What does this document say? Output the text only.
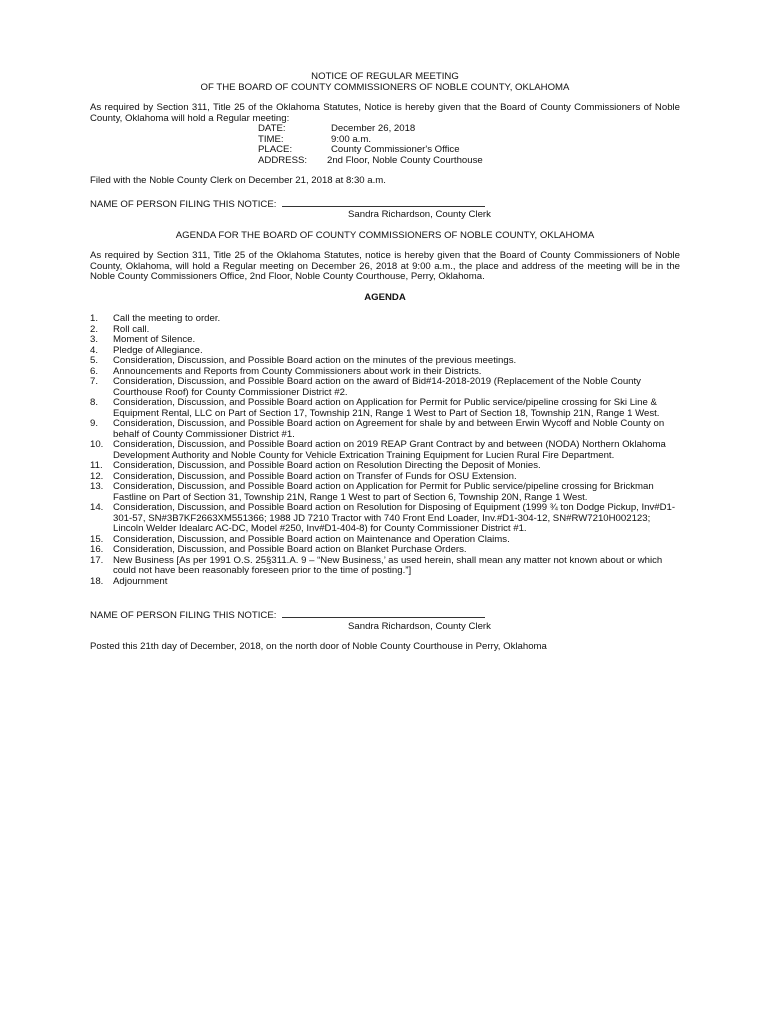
NOTICE OF REGULAR MEETING

OF THE BOARD OF COUNTY COMMISSIONERS OF NOBLE COUNTY, OKLAHOMA

As required by Section 311, Title 25 of the Oklahoma Statutes, Notice is hereby given that the Board of County Commissioners of Noble County, Oklahoma will hold a Regular meeting:

DATE:	December 26, 2018
TIME:	9:00 a.m.
PLACE:	County Commissioner's Office
ADDRESS:	2nd Floor, Noble County Courthouse

Filed with the Noble County Clerk on December 21, 2018 at 8:30 a.m.

NAME OF PERSON FILING THIS NOTICE:

Sandra Richardson, County Clerk

AGENDA FOR THE BOARD OF COUNTY COMMISSIONERS OF NOBLE COUNTY, OKLAHOMA

As required by Section 311, Title 25 of the Oklahoma Statutes, notice is hereby given that the Board of County Commissioners of Noble County, Oklahoma, will hold a Regular meeting on December 26, 2018 at 9:00 a.m., the place and address of the meeting will be in the Noble County Commissioners Office, 2nd Floor, Noble County Courthouse, Perry, Oklahoma.

AGENDA

1.	Call the meeting to order.
2.	Roll call.
3.	Moment of Silence.
4.	Pledge of Allegiance.
5.	Consideration, Discussion, and Possible Board action on the minutes of the previous meetings.
6.	Announcements and Reports from County Commissioners about work in their Districts.
7.	Consideration, Discussion, and Possible Board action on the award of Bid#14-2018-2019 (Replacement of the Noble County Courthouse Roof) for County Commissioner District #2.
8.	Consideration, Discussion, and Possible Board action on Application for Permit for Public service/pipeline crossing for Ski Line & Equipment Rental, LLC on Part of Section 17, Township 21N, Range 1 West to Part of Section 18, Township 21N, Range 1 West.
9.	Consideration, Discussion, and Possible Board action on Agreement for shale by and between Erwin Wycoff and Noble County on behalf of County Commissioner District #1.
10.	Consideration, Discussion, and Possible Board action on 2019 REAP Grant Contract by and between (NODA) Northern Oklahoma Development Authority and Noble County for Vehicle Extrication Training Equipment for Lucien Rural Fire Department.
11.	Consideration, Discussion, and Possible Board action on Resolution Directing the Deposit of Monies.
12.	Consideration, Discussion, and Possible Board action on Transfer of Funds for OSU Extension.
13.	Consideration, Discussion, and Possible Board action on Application for Permit for Public service/pipeline crossing for Brickman Fastline on Part of Section 31, Township 21N, Range 1 West to part of Section 6, Township 20N, Range 1 West.
14.	Consideration, Discussion, and Possible Board action on Resolution for Disposing of Equipment (1999 ¾ ton Dodge Pickup, Inv#D1-301-57, SN#3B7KF2663XM551366; 1988 JD 7210 Tractor with 740 Front End Loader, Inv.#D1-304-12, SN#RW7210H002123; Lincoln Welder Idealarc AC-DC, Model #250, Inv#D1-404-8) for County Commissioner District #1.
15.	Consideration, Discussion, and Possible Board action on Maintenance and Operation Claims.
16.	Consideration, Discussion, and Possible Board action on Blanket Purchase Orders.
17.	New Business [As per 1991 O.S. 25§311.A. 9 – “New Business,’ as used herein, shall mean any matter not known about or which could not have been reasonably foreseen prior to the time of posting.”]
18.	Adjournment

NAME OF PERSON FILING THIS NOTICE:

Sandra Richardson, County Clerk

Posted this 21th day of December, 2018, on the north door of Noble County Courthouse in Perry, Oklahoma
